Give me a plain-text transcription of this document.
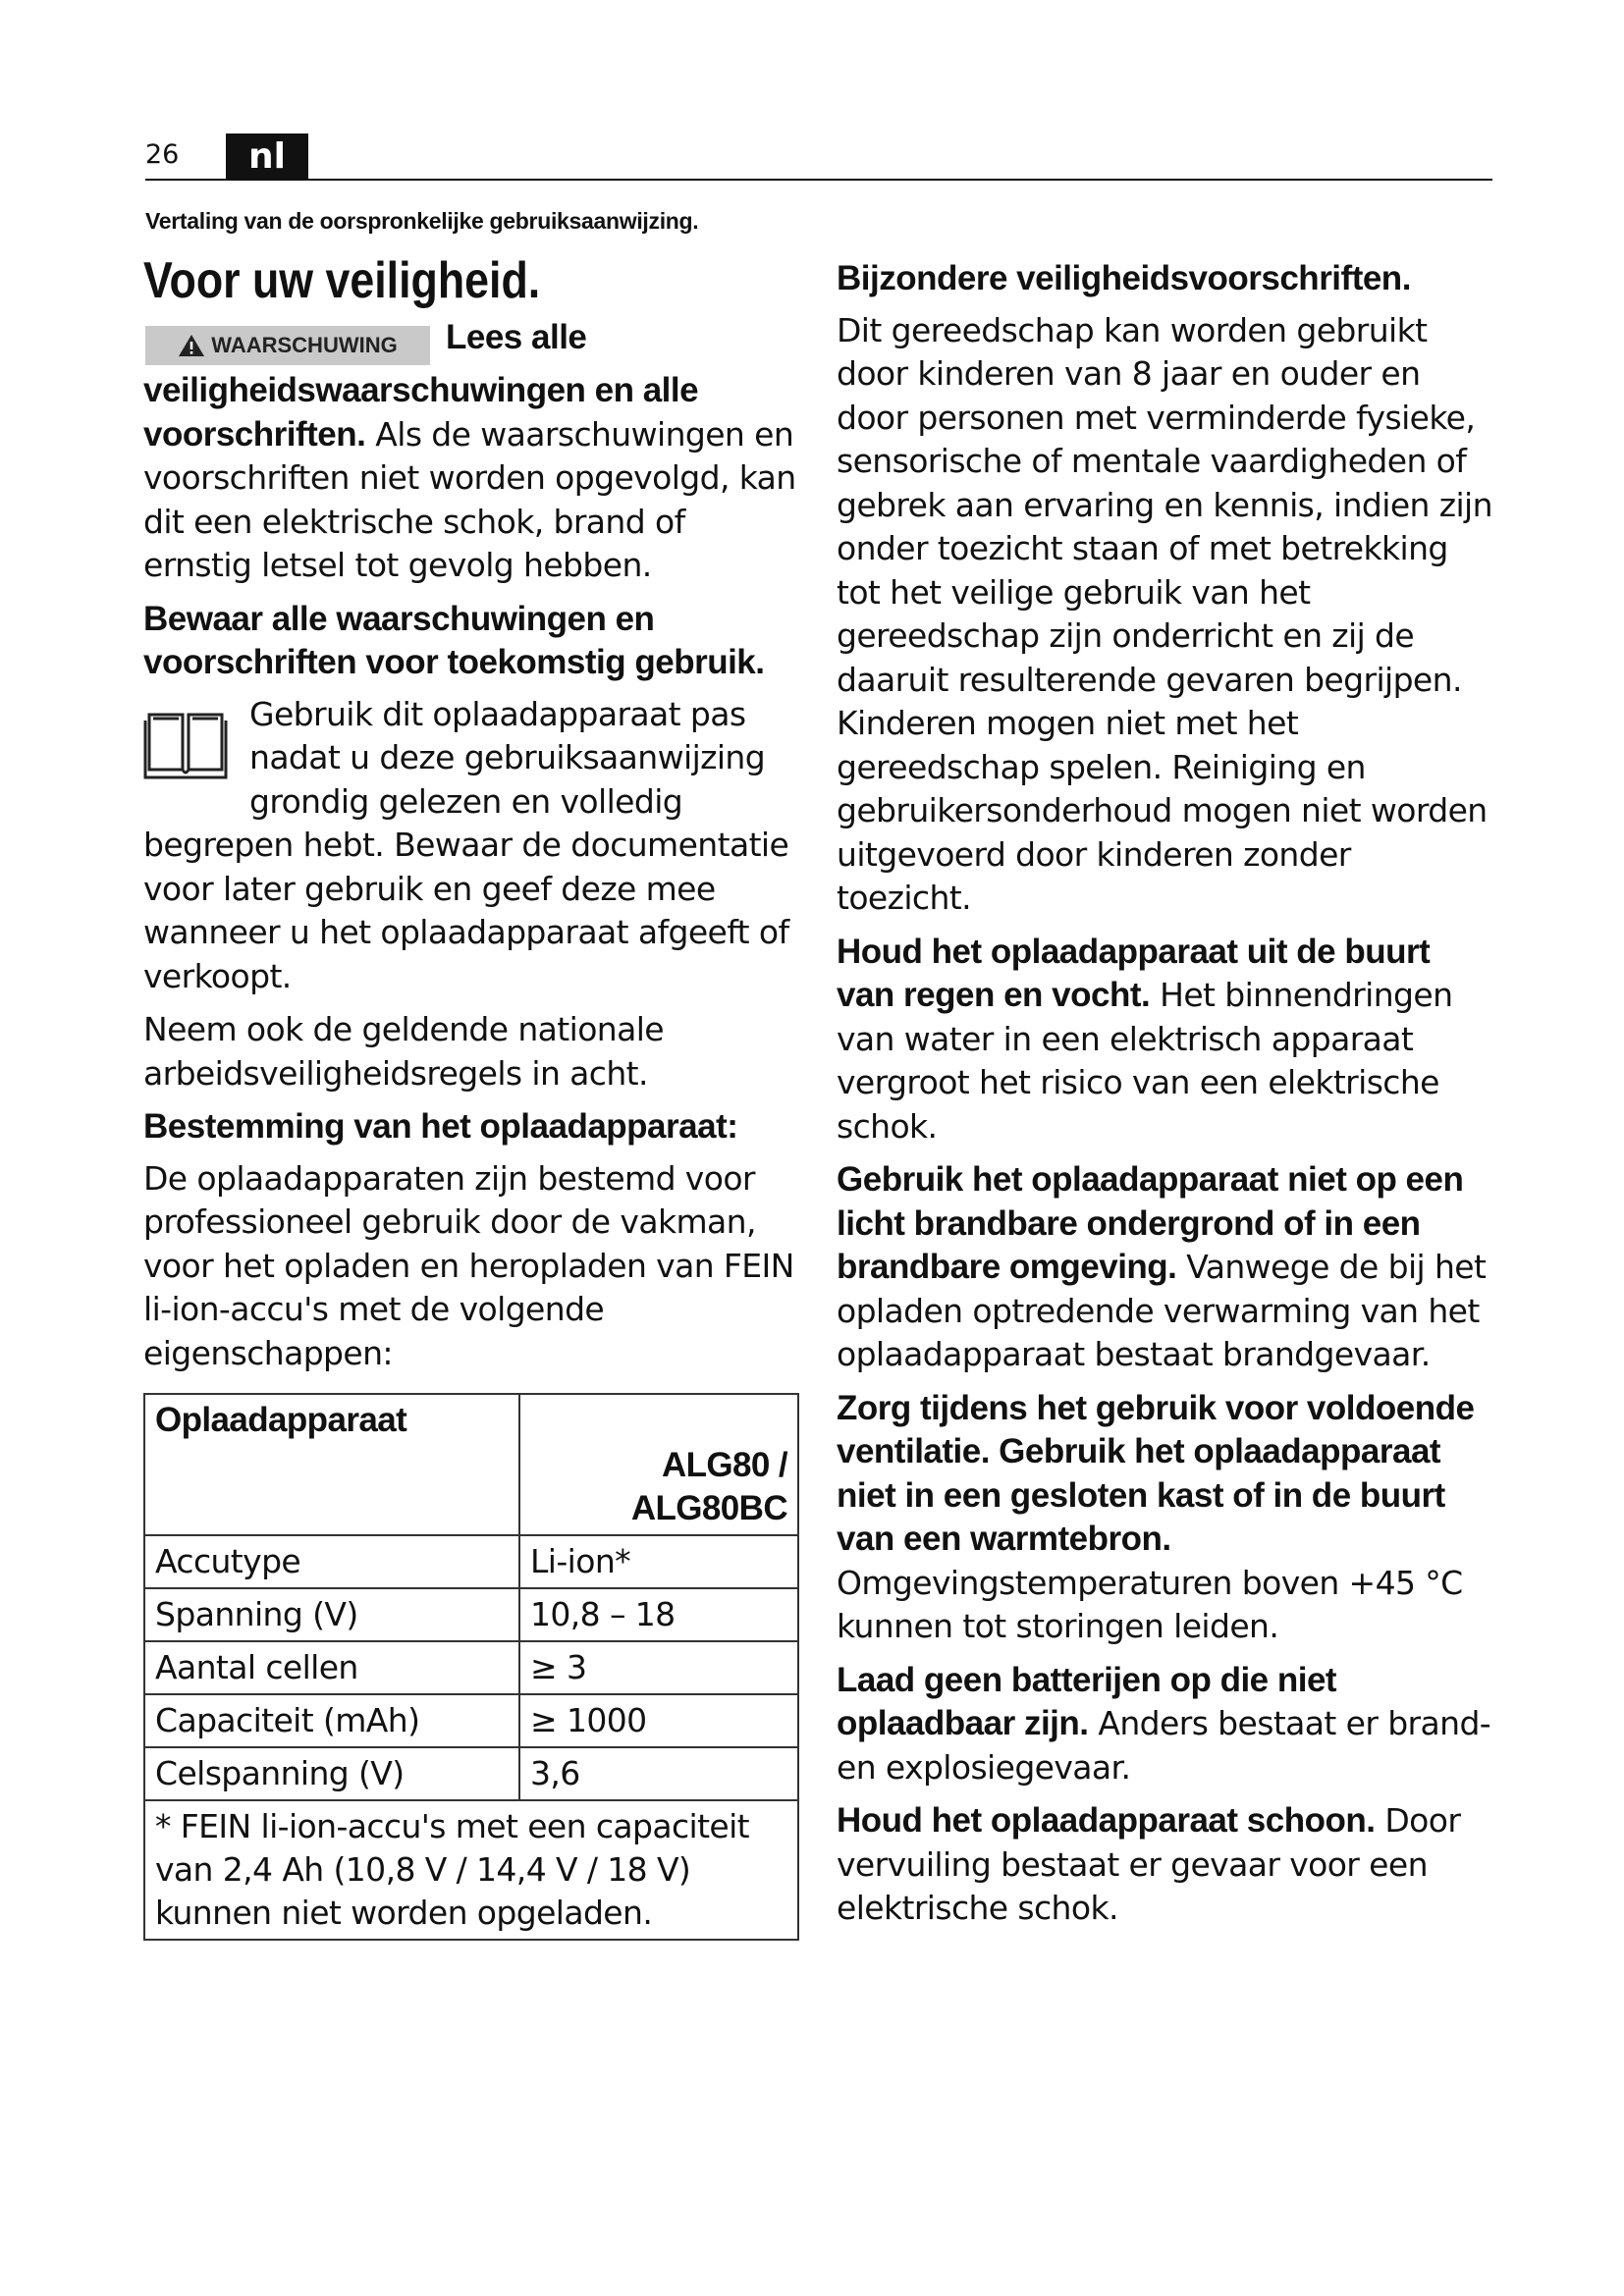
26	nl
Vertaling van de oorspronkelijke gebruiksaanwijzing.
Voor uw veiligheid.
WAARSCHUWING	Lees alle veiligheidswaarschuwingen en alle voorschriften. Als de waarschuwingen en voorschriften niet worden opgevolgd, kan dit een elektrische schok, brand of ernstig letsel tot gevolg hebben.

Bewaar alle waarschuwingen en voorschriften voor toekomstig gebruik.

Gebruik dit oplaadapparaat pas nadat u deze gebruiksaanwijzing grondig gelezen en volledig begrepen hebt. Bewaar de documentatie voor later gebruik en geef deze mee wanneer u het oplaadapparaat afgeeft of verkoopt.

Neem ook de geldende nationale arbeidsveiligheidsregels in acht.

Bestemming van het oplaadapparaat:

De oplaadapparaten zijn bestemd voor professioneel gebruik door de vakman, voor het opladen en heropladen van FEIN li-ion-accu's met de volgende eigenschappen:

Oplaadapparaat	ALG80 / ALG80BC
Accutype	Li-ion*
Spanning (V)	10,8 – 18
Aantal cellen	≥ 3
Capaciteit (mAh)	≥ 1000
Celspanning (V)	3,6
* FEIN li-ion-accu's met een capaciteit van 2,4 Ah (10,8 V / 14,4 V / 18 V) kunnen niet worden opgeladen.	

Bijzondere veiligheidsvoorschriften.

Dit gereedschap kan worden gebruikt door kinderen van 8 jaar en ouder en door personen met verminderde fysieke, sensorische of mentale vaardigheden of gebrek aan ervaring en kennis, indien zijn onder toezicht staan of met betrekking tot het veilige gebruik van het gereedschap zijn onderricht en zij de daaruit resulterende gevaren begrijpen. Kinderen mogen niet met het gereedschap spelen. Reiniging en gebruikersonderhoud mogen niet worden uitgevoerd door kinderen zonder toezicht.

Houd het oplaadapparaat uit de buurt van regen en vocht. Het binnendringen van water in een elektrisch apparaat vergroot het risico van een elektrische schok.

Gebruik het oplaadapparaat niet op een licht brandbare ondergrond of in een brandbare omgeving. Vanwege de bij het opladen optredende verwarming van het oplaadapparaat bestaat brandgevaar.

Zorg tijdens het gebruik voor voldoende ventilatie. Gebruik het oplaadapparaat niet in een gesloten kast of in de buurt van een warmtebron. Omgevingstemperaturen boven +45 °C kunnen tot storingen leiden.

Laad geen batterijen op die niet oplaadbaar zijn. Anders bestaat er brand- en explosiegevaar.

Houd het oplaadapparaat schoon. Door vervuiling bestaat er gevaar voor een elektrische schok.
